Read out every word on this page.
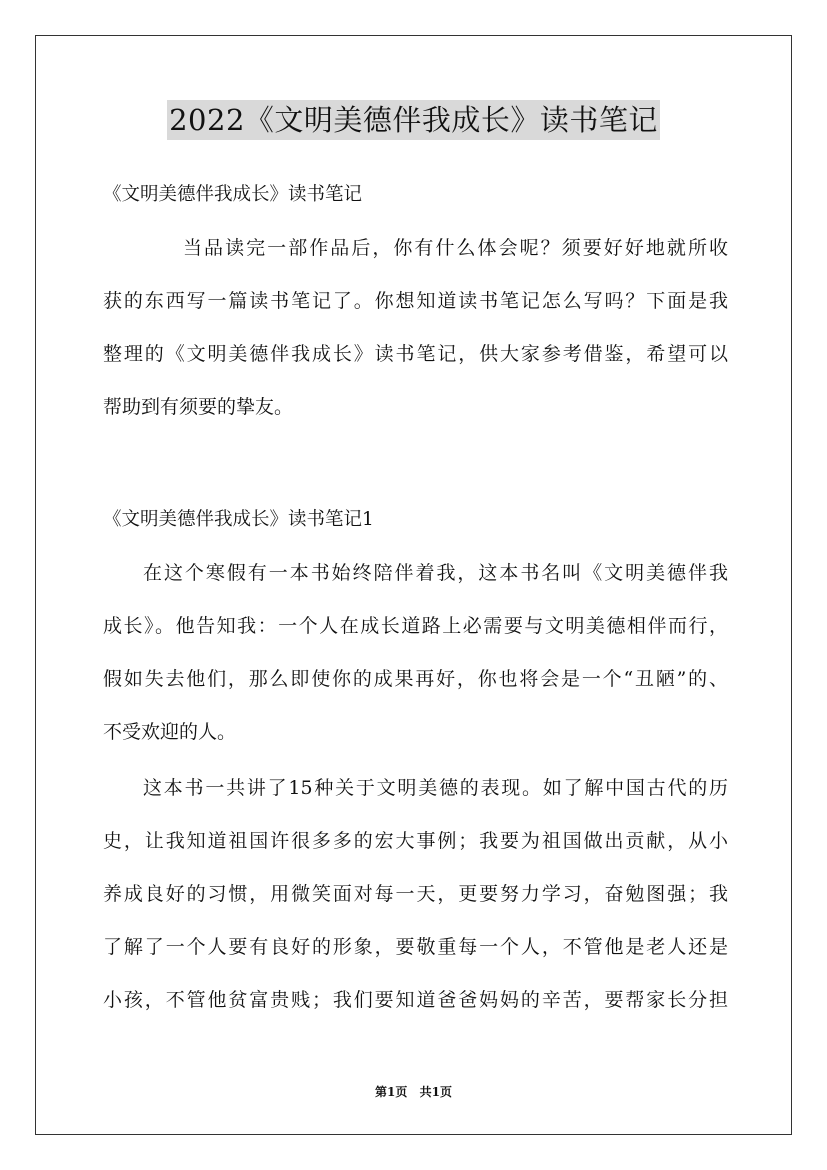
2022《文明美德伴我成长》读书笔记
《文明美德伴我成长》读书笔记
当品读完一部作品后，你有什么体会呢？须要好好地就所收
获的东西写一篇读书笔记了。你想知道读书笔记怎么写吗？下面是我
整理的《文明美德伴我成长》读书笔记，供大家参考借鉴，希望可以
帮助到有须要的挚友。
《文明美德伴我成长》读书笔记1
在这个寒假有一本书始终陪伴着我，这本书名叫《文明美德伴我
成长》。他告知我：一个人在成长道路上必需要与文明美德相伴而行，
假如失去他们，那么即使你的成果再好，你也将会是一个“丑陋”的、
不受欢迎的人。
这本书一共讲了15种关于文明美德的表现。如了解中国古代的历
史，让我知道祖国许很多多的宏大事例；我要为祖国做出贡献，从小
养成良好的习惯，用微笑面对每一天，更要努力学习，奋勉图强；我
了解了一个人要有良好的形象，要敬重每一个人，不管他是老人还是
小孩，不管他贫富贵贱；我们要知道爸爸妈妈的辛苦，要帮家长分担
第1页 共1页
